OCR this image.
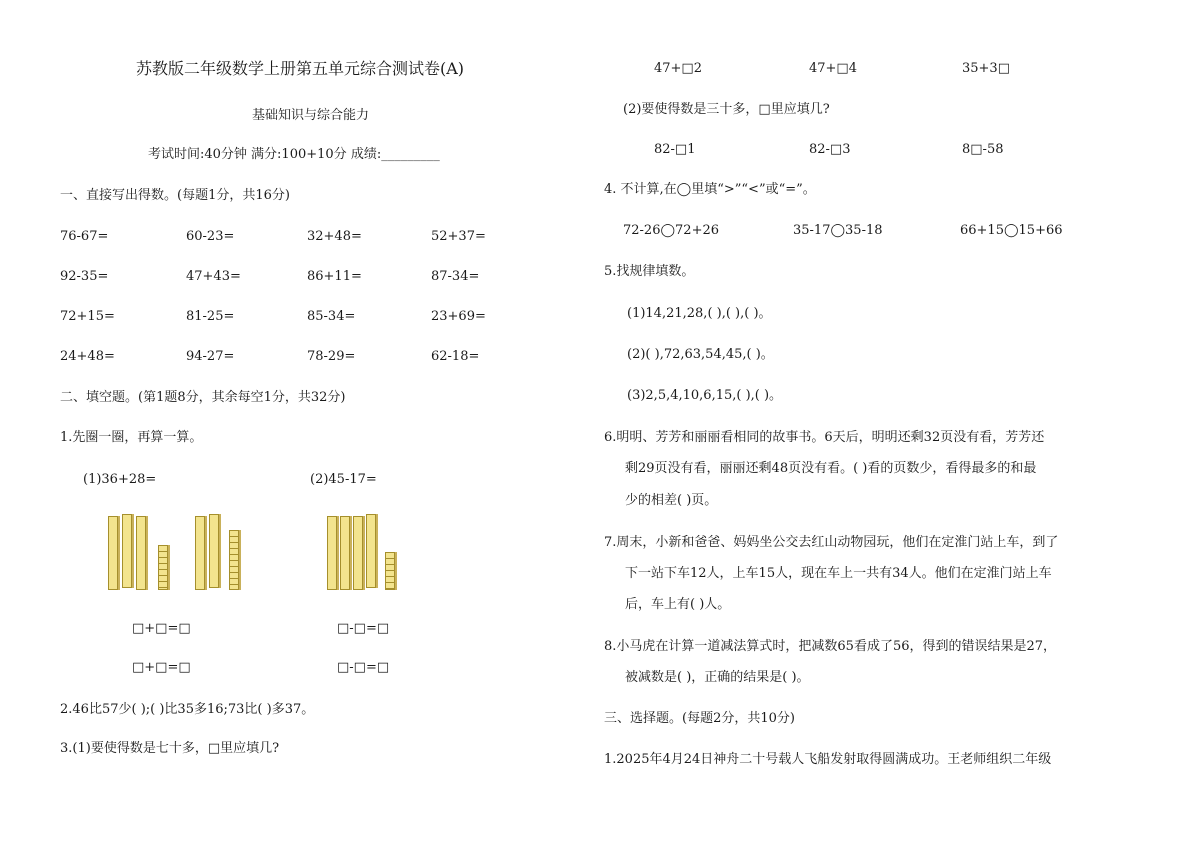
苏教版二年级数学上册第五单元综合测试卷(A)
基础知识与综合能力
考试时间:40分钟 满分:100+10分 成绩:_________
一、直接写出得数。(每题1分，共16分)
76-67=	60-23=	32+48=	52+37=
92-35=	47+43=	86+11=	87-34=
72+15=	81-25=	85-34=	23+69=
24+48=	94-27=	78-29=	62-18=
二、填空题。(第1题8分，其余每空1分，共32分)
1.先圈一圈，再算一算。
(1)36+28=	(2)45-17=
□+□=□	□-□=□
□+□=□	□-□=□
2.46比57少( );( )比35多16;73比( )多37。
3.(1)要使得数是七十多，□里应填几?
47+□2	47+□4	35+3□
(2)要使得数是三十多，□里应填几?
82-□1	82-□3	8□-58
4. 不计算,在◯里填“>”“<”或“=”。
72-26◯72+26	35-17◯35-18	66+15◯15+66
5.找规律填数。
(1)14,21,28,( ),( ),( )。
(2)( ),72,63,54,45,( )。
(3)2,5,4,10,6,15,( ),( )。
6.明明、芳芳和丽丽看相同的故事书。6天后，明明还剩32页没有看，芳芳还
剩29页没有看，丽丽还剩48页没有看。( )看的页数少，看得最多的和最
少的相差( )页。
7.周末，小新和爸爸、妈妈坐公交去红山动物园玩，他们在定淮门站上车，到了
下一站下车12人，上车15人，现在车上一共有34人。他们在定淮门站上车
后，车上有( )人。
8.小马虎在计算一道减法算式时，把减数65看成了56，得到的错误结果是27，
被减数是( )，正确的结果是( )。
三、选择题。(每题2分，共10分)
1.2025年4月24日神舟二十号载人飞船发射取得圆满成功。王老师组织二年级
